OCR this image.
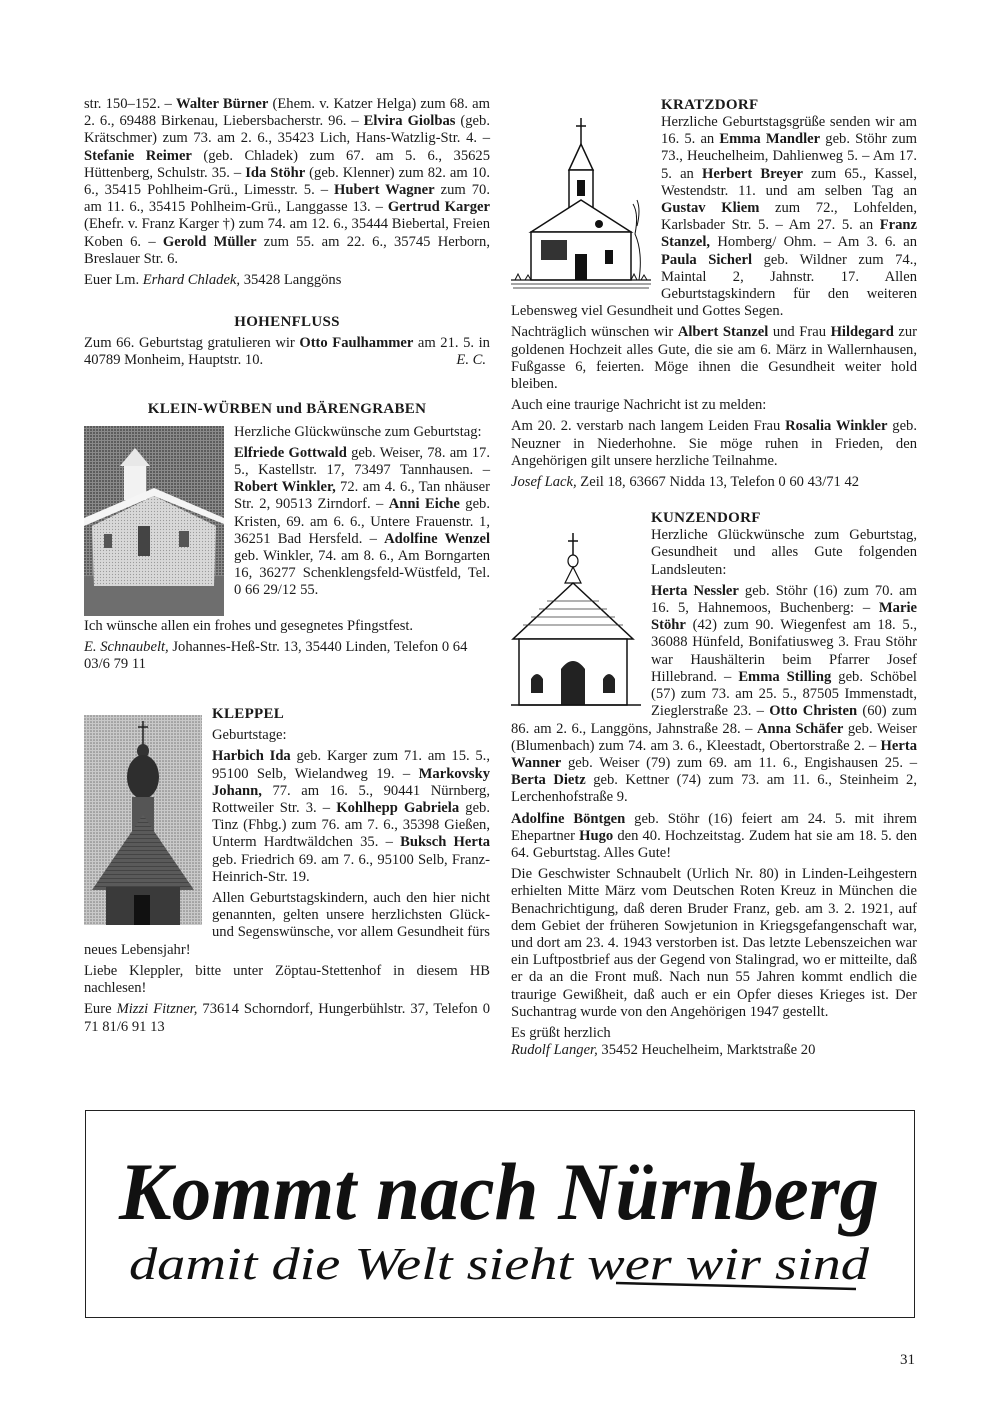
str. 150–152. – Walter Bürner (Ehem. v. Katzer Helga) zum 68. am 2. 6., 69488 Birkenau, Liebersbacherstr. 96. – Elvira Giolbas (geb. Krätschmer) zum 73. am 2. 6., 35423 Lich, Hans-Watzlig-Str. 4. – Stefanie Reimer (geb. Chladek) zum 67. am 5. 6., 35625 Hüttenberg, Schulstr. 35. – Ida Stöhr (geb. Klenner) zum 82. am 10. 6., 35415 Pohlheim-Grü., Limesstr. 5. – Hubert Wagner zum 70. am 11. 6., 35415 Pohlheim-Grü., Langgasse 13. – Gertrud Karger (Ehefr. v. Franz Karger †) zum 74. am 12. 6., 35444 Biebertal, Freien Koben 6. – Gerold Müller zum 55. am 22. 6., 35745 Herborn, Breslauer Str. 6.

Euer Lm. Erhard Chladek, 35428 Langgöns

HOHENFLUSS

Zum 66. Geburtstag gratulieren wir Otto Faulhammer am 21. 5. in 40789 Monheim, Hauptstr. 10.	E. C.

KLEIN-WÜRBEN und BÄRENGRABEN

Herzliche Glückwünsche zum Geburtstag:

Elfriede Gottwald geb. Weiser, 78. am 17. 5., Kastellstr. 17, 73497 Tannhausen. – Robert Winkler, 72. am 4. 6., Tan nhäuser Str. 2, 90513 Zirndorf. – Anni Eiche geb. Kristen, 69. am 6. 6., Untere Frauenstr. 1, 36251 Bad Hersfeld. – Adolfine Wenzel geb. Winkler, 74. am 8. 6., Am Borngarten 16, 36277 Schenklengsfeld-Wüstfeld, Tel. 0 66 29/12 55.

Ich wünsche allen ein frohes und gesegnetes Pfingstfest.

E. Schnaubelt, Johannes-Heß-Str. 13, 35440 Linden, Telefon 0 64 03/6 79 11

KLEPPEL

Geburtstage:

Harbich Ida geb. Karger zum 71. am 15. 5., 95100 Selb, Wielandweg 19. – Markovsky Johann, 77. am 16. 5., 90441 Nürnberg, Rottweiler Str. 3. – Kohlhepp Gabriela geb. Tinz (Fhbg.) zum 76. am 7. 6., 35398 Gießen, Unterm Hardtwäldchen 35. – Buksch Herta geb. Friedrich 69. am 7. 6., 95100 Selb, Franz-Heinrich-Str. 19.

Allen Geburtstagskindern, auch den hier nicht genannten, gelten unsere herzlichsten Glück- und Segenswünsche, vor allem Gesundheit fürs neues Lebensjahr!

Liebe Kleppler, bitte unter Zöptau-Stettenhof in diesem HB nachlesen!

Eure Mizzi Fitzner, 73614 Schorndorf, Hungerbühlstr. 37, Telefon 0 71 81/6 91 13

KRATZDORF

Herzliche Geburtstagsgrüße senden wir am 16. 5. an Emma Mandler geb. Stöhr zum 73., Heuchelheim, Dahlienweg 5. – Am 17. 5. an Herbert Breyer zum 65., Kassel, Westendstr. 11. und am selben Tag an Gustav Kliem zum 72., Lohfelden, Karlsbader Str. 5. – Am 27. 5. an Franz Stanzel, Homberg/ Ohm. – Am 3. 6. an Paula Sicherl geb. Wildner zum 74., Maintal 2, Jahnstr. 17. Allen Geburtstagskindern für den weiteren Lebensweg viel Gesundheit und Gottes Segen.

Nachträglich wünschen wir Albert Stanzel und Frau Hildegard zur goldenen Hochzeit alles Gute, die sie am 6. März in Wallernhausen, Fußgasse 6, feierten. Möge ihnen die Gesundheit weiter hold bleiben.

Auch eine traurige Nachricht ist zu melden:

Am 20. 2. verstarb nach langem Leiden Frau Rosalia Winkler geb. Neuzner in Niederhohne. Sie möge ruhen in Frieden, den Angehörigen gilt unsere herzliche Teilnahme.

Josef Lack, Zeil 18, 63667 Nidda 13, Telefon 0 60 43/71 42

KUNZENDORF

Herzliche Glückwünsche zum Geburtstag, Gesundheit und alles Gute folgenden Landsleuten:

Herta Nessler geb. Stöhr (16) zum 70. am 16. 5, Hahnemoos, Buchenberg: – Marie Stöhr (42) zum 90. Wiegenfest am 18. 5., 36088 Hünfeld, Bonifatiusweg 3. Frau Stöhr war Haushälterin beim Pfarrer Josef Hillebrand. – Emma Stilling geb. Schöbel (57) zum 73. am 25. 5., 87505 Immenstadt, Zieglerstraße 23. – Otto Christen (60) zum 86. am 2. 6., Langgöns, Jahnstraße 28. – Anna Schäfer geb. Weiser (Blumenbach) zum 74. am 3. 6., Kleestadt, Obertorstraße 2. – Herta Wanner geb. Weiser (79) zum 69. am 11. 6., Engishausen 25. – Berta Dietz geb. Kettner (74) zum 73. am 11. 6., Steinheim 2, Lerchenhofstraße 9.

Adolfine Böntgen geb. Stöhr (16) feiert am 24. 5. mit ihrem Ehepartner Hugo den 40. Hochzeitstag. Zudem hat sie am 18. 5. den 64. Geburtstag. Alles Gute!

Die Geschwister Schnaubelt (Urlich Nr. 80) in Linden-Leihgestern erhielten Mitte März vom Deutschen Roten Kreuz in München die Benachrichtigung, daß deren Bruder Franz, geb. am 3. 2. 1921, auf dem Gebiet der früheren Sowjetunion in Kriegsgefangenschaft war, und dort am 23. 4. 1943 verstorben ist. Das letzte Lebenszeichen war ein Luftpostbrief aus der Gegend von Stalingrad, wo er mitteilte, daß er da an die Front muß. Nach nun 55 Jahren kommt endlich die traurige Gewißheit, daß auch er ein Opfer dieses Krieges ist. Der Suchantrag wurde von den Angehörigen 1947 gestellt.

Es grüßt herzlich

Rudolf Langer, 35452 Heuchelheim, Marktstraße 20

Kommt nach Nürnberg
damit die Welt sieht wer wir sind
31
